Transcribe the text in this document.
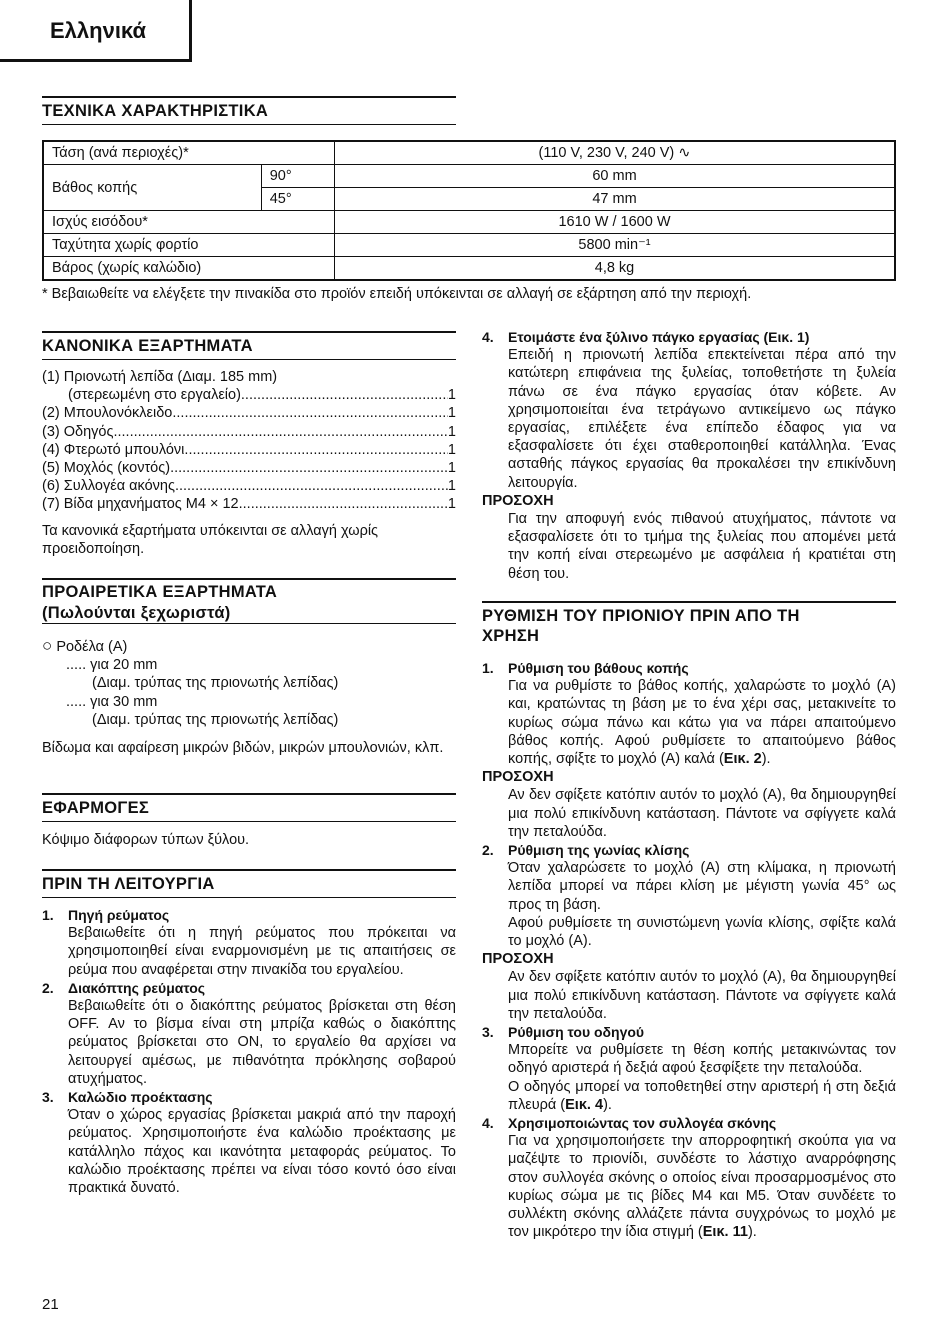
Ελληνικά
ΤΕΧΝΙΚΑ ΧΑΡΑΚΤΗΡΙΣΤΙΚΑ
Τάση (ανά περιοχές)*		(110 V, 230 V, 240 V) ∿
Βάθος κοπής	90°	60 mm
	45°	47 mm
Ισχύς εισόδου*		1610 W / 1600 W
Ταχύτητα χωρίς φορτίο		5800 min⁻¹
Βάρος (χωρίς καλώδιο)		4,8 kg
* Βεβαιωθείτε να ελέγξετε την πινακίδα στο προϊόν επειδή υπόκεινται σε αλλαγή σε εξάρτηση από την περιοχή.
ΚΑΝΟΝΙΚΑ ΕΞΑΡΤΗΜΑΤΑ
(1) Πριονωτή λεπίδα (Διαμ. 185 mm)
(στερεωμένη στο εργαλείο) .....	1
(2) Μπουλονόκλειδο .....	1
(3) Οδηγός .....	1
(4) Φτερωτό μπουλόνι .....	1
(5) Μοχλός (κοντός) .....	1
(6) Συλλογέα ακόνης .....	1
(7) Βίδα μηχανήματος M4 × 12 .....	1
Τα κανονικά εξαρτήματα υπόκεινται σε αλλαγή χωρίς προειδοποίηση.
ΠΡΟΑΙΡΕΤΙΚΑ ΕΞΑΡΤΗΜΑΤΑ
(Πωλούνται ξεχωριστά)
○ Ροδέλα (A)
..... για 20 mm
(Διαμ. τρύπας της πριονωτής λεπίδας)
..... για 30 mm
(Διαμ. τρύπας της πριονωτής λεπίδας)
Βίδωμα και αφαίρεση μικρών βιδών, μικρών μπουλονιών, κλπ.
ΕΦΑΡΜΟΓΕΣ
Κόψιμο διάφορων τύπων ξύλου.
ΠΡΙΝ ΤΗ ΛΕΙΤΟΥΡΓΙΑ
1. Πηγή ρεύματος
Βεβαιωθείτε ότι η πηγή ρεύματος που πρόκειται να χρησιμοποιηθεί είναι εναρμονισμένη με τις απαιτήσεις σε ρεύμα που αναφέρεται στην πινακίδα του εργαλείου.
2. Διακόπτης ρεύματος
Βεβαιωθείτε ότι ο διακόπτης ρεύματος βρίσκεται στη θέση OFF. Αν το βίσμα είναι στη μπρίζα καθώς ο διακόπτης ρεύματος βρίσκεται στο ON, το εργαλείο θα αρχίσει να λειτουργεί αμέσως, με πιθανότητα πρόκλησης σοβαρού ατυχήματος.
3. Καλώδιο προέκτασης
Όταν ο χώρος εργασίας βρίσκεται μακριά από την παροχή ρεύματος. Χρησιμοποιήστε ένα καλώδιο προέκτασης με κατάλληλο πάχος και ικανότητα μεταφοράς ρεύματος. Το καλώδιο προέκτασης πρέπει να είναι τόσο κοντό όσο είναι πρακτικά δυνατό.
4. Ετοιμάστε ένα ξύλινο πάγκο εργασίας (Εικ. 1)
Επειδή η πριονωτή λεπίδα επεκτείνεται πέρα από την κατώτερη επιφάνεια της ξυλείας, τοποθετήστε τη ξυλεία πάνω σε ένα πάγκο εργασίας όταν κόβετε. Αν χρησιμοποιείται ένα τετράγωνο αντικείμενο ως πάγκο εργασίας, επιλέξετε ένα επίπεδο έδαφος για να εξασφαλίσετε ότι έχει σταθεροποιηθεί κατάλληλα. Ένας ασταθής πάγκος εργασίας θα προκαλέσει την επικίνδυνη λειτουργία.
ΠΡΟΣΟΧΗ
Για την αποφυγή ενός πιθανού ατυχήματος, πάντοτε να εξασφαλίσετε ότι το τμήμα της ξυλείας που απομένει μετά την κοπή είναι στερεωμένο με ασφάλεια ή κρατιέται στη θέση του.
ΡΥΘΜΙΣΗ ΤΟΥ ΠΡΙΟΝΙΟΥ ΠΡΙΝ ΑΠΟ ΤΗ
ΧΡΗΣΗ
1. Ρύθμιση του βάθους κοπής
Για να ρυθμίστε το βάθος κοπής, χαλαρώστε το μοχλό (A) και, κρατώντας τη βάση με το ένα χέρι σας, μετακινείτε το κυρίως σώμα πάνω και κάτω για να πάρει απαιτούμενο βάθος κοπής. Αφού ρυθμίσετε το απαιτούμενο βάθος κοπής, σφίξτε το μοχλό (A) καλά (Εικ. 2).
ΠΡΟΣΟΧΗ
Αν δεν σφίξετε κατόπιν αυτόν το μοχλό (A), θα δημιουργηθεί μια πολύ επικίνδυνη κατάσταση. Πάντοτε να σφίγγετε καλά την πεταλούδα.
2. Ρύθμιση της γωνίας κλίσης
Όταν χαλαρώσετε το μοχλό (A) στη κλίμακα, η πριονωτή λεπίδα μπορεί να πάρει κλίση με μέγιστη γωνία 45° ως προς τη βάση.
Αφού ρυθμίσετε τη συνιστώμενη γωνία κλίσης, σφίξτε καλά το μοχλό (A).
ΠΡΟΣΟΧΗ
Αν δεν σφίξετε κατόπιν αυτόν το μοχλό (A), θα δημιουργηθεί μια πολύ επικίνδυνη κατάσταση. Πάντοτε να σφίγγετε καλά την πεταλούδα.
3. Ρύθμιση του οδηγού
Μπορείτε να ρυθμίσετε τη θέση κοπής μετακινώντας τον οδηγό αριστερά ή δεξιά αφού ξεσφίξετε την πεταλούδα.
Ο οδηγός μπορεί να τοποθετηθεί στην αριστερή ή στη δεξιά πλευρά (Εικ. 4).
4. Χρησιμοποιώντας τον συλλογέα σκόνης
Για να χρησιμοποιήσετε την απορροφητική σκούπα για να μαζέψτε το πριονίδι, συνδέστε το λάστιχο αναρρόφησης στον συλλογέα σκόνης ο οποίος είναι προσαρμοσμένος στο κυρίως σώμα με τις βίδες M4 και M5. Όταν συνδέετε το συλλέκτη σκόνης αλλάζετε πάντα συγχρόνως το μοχλό με τον μικρότερο την ίδια στιγμή (Εικ. 11).
21
